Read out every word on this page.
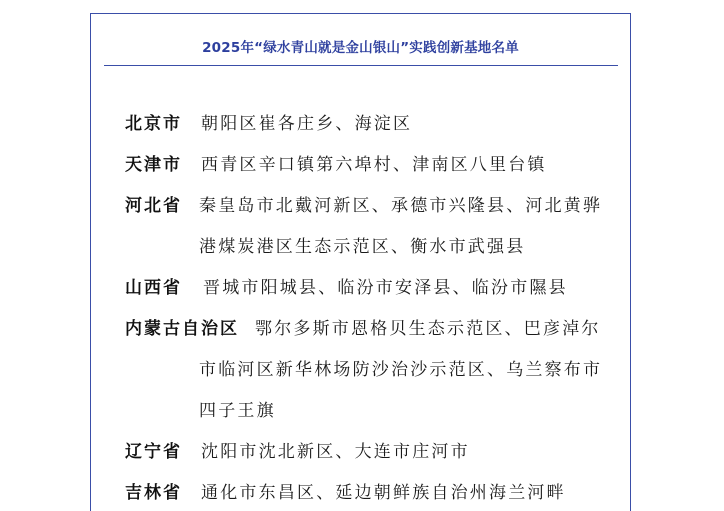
2025年“绿水青山就是金山银山”实践创新基地名单
北京市 朝阳区崔各庄乡、海淀区
天津市 西青区辛口镇第六埠村、津南区八里台镇
河北省 秦皇岛市北戴河新区、承德市兴隆县、河北黄骅
港煤炭港区生态示范区、衡水市武强县
山西省 晋城市阳城县、临汾市安泽县、临汾市隰县
内蒙古自治区 鄂尔多斯市恩格贝生态示范区、巴彦淖尔
市临河区新华林场防沙治沙示范区、乌兰察布市
四子王旗
辽宁省 沈阳市沈北新区、大连市庄河市
吉林省 通化市东昌区、延边朝鲜族自治州海兰河畔
